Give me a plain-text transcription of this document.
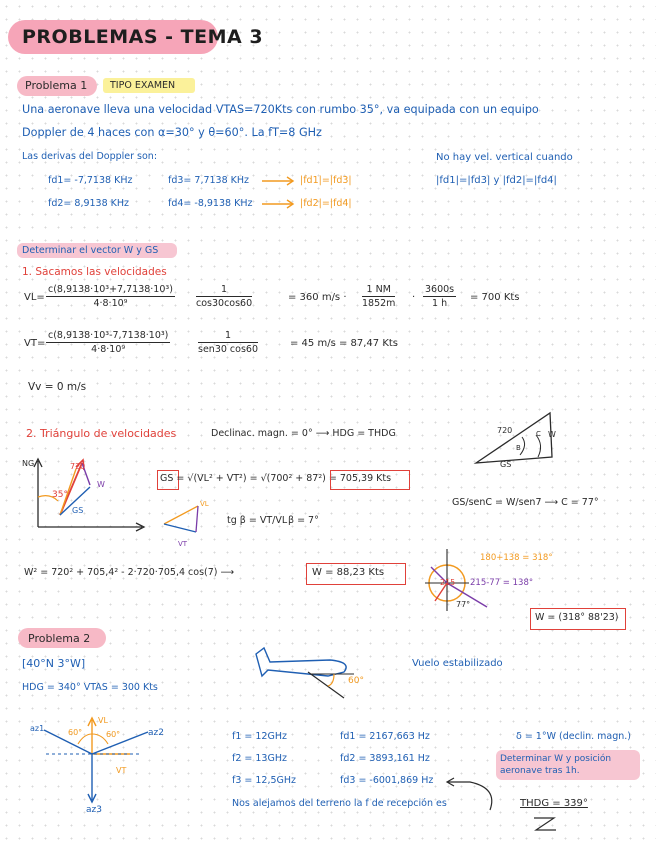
PROBLEMAS - TEMA 3
Problema 1 TIPO EXAMEN
Una aeronave lleva una velocidad VTAS=720Kts con rumbo 35°, va equipada con un equipo
Doppler de 4 haces con α=30° y θ=60°. La fT=8 GHz
Las derivas del Doppler son:
fd1= -7,7138 KHz	fd3= 7,7138 KHz
fd2= 8,9138 KHz	fd4= -8,9138 KHz
|fd1|=|fd3|
|fd2|=|fd4|
No hay vel. vertical cuando
|fd1|=|fd3| y |fd2|=|fd4|
Determinar el vector W y GS
1. Sacamos las velocidades
$VL= \frac{\text{c(8,9138·10³+7,7138·10³)}}{\text{4·8·10⁹}} \frac{1}{\cos 30\cos 60}$	= 360 $m/s \cdot \frac{1 NM}{1852m} \cdot \frac{3600s}{1 h} = 700$ Kts
$VT= \frac{\text{c(8,9138·10³-7,7138·10³)}}{\text{4·8·10⁹}}$	1
sen30 cos60
= 45 m/s = 87,47 Kts
Vv = 0 m/s
2. Triángulo de velocidades	Declinac. magn. = 0° ⟶ HDG = THDG	720
GS
W
B
C
NG
35°
720
W
GS
GS = √(VL² + VT²) = √(700² + 87²) = 705,39 Kts
VL
VT
tg β = VT/VL β = 7°
GS/senC = W/sen7 ⟶ C = 77°
W² = 720² + 705,4² - 2·720·705,4 cos(7) ⟶	W = 88,23 Kts
180+138 = 318°
215-77 = 138°
215
77°
W = (318° 88'23)
Problema 2
[40°N 3°W]
HDG = 340° VTAS = 300 Kts
60°
Vuelo estabilizado
az1	az2
az3
VL
VT
60°	60°	f1 = 12GHz
f2 = 13GHz
f3 = 12,5GHz
fd1 = 2167,663 Hz
fd2 = 3893,161 Hz
fd3 = -6001,869 Hz
δ = 1°W (declin. magn.)
Determinar W y posición aeronave tras 1h.
Nos alejamos del terreno la f de recepción es	THDG = 339°
